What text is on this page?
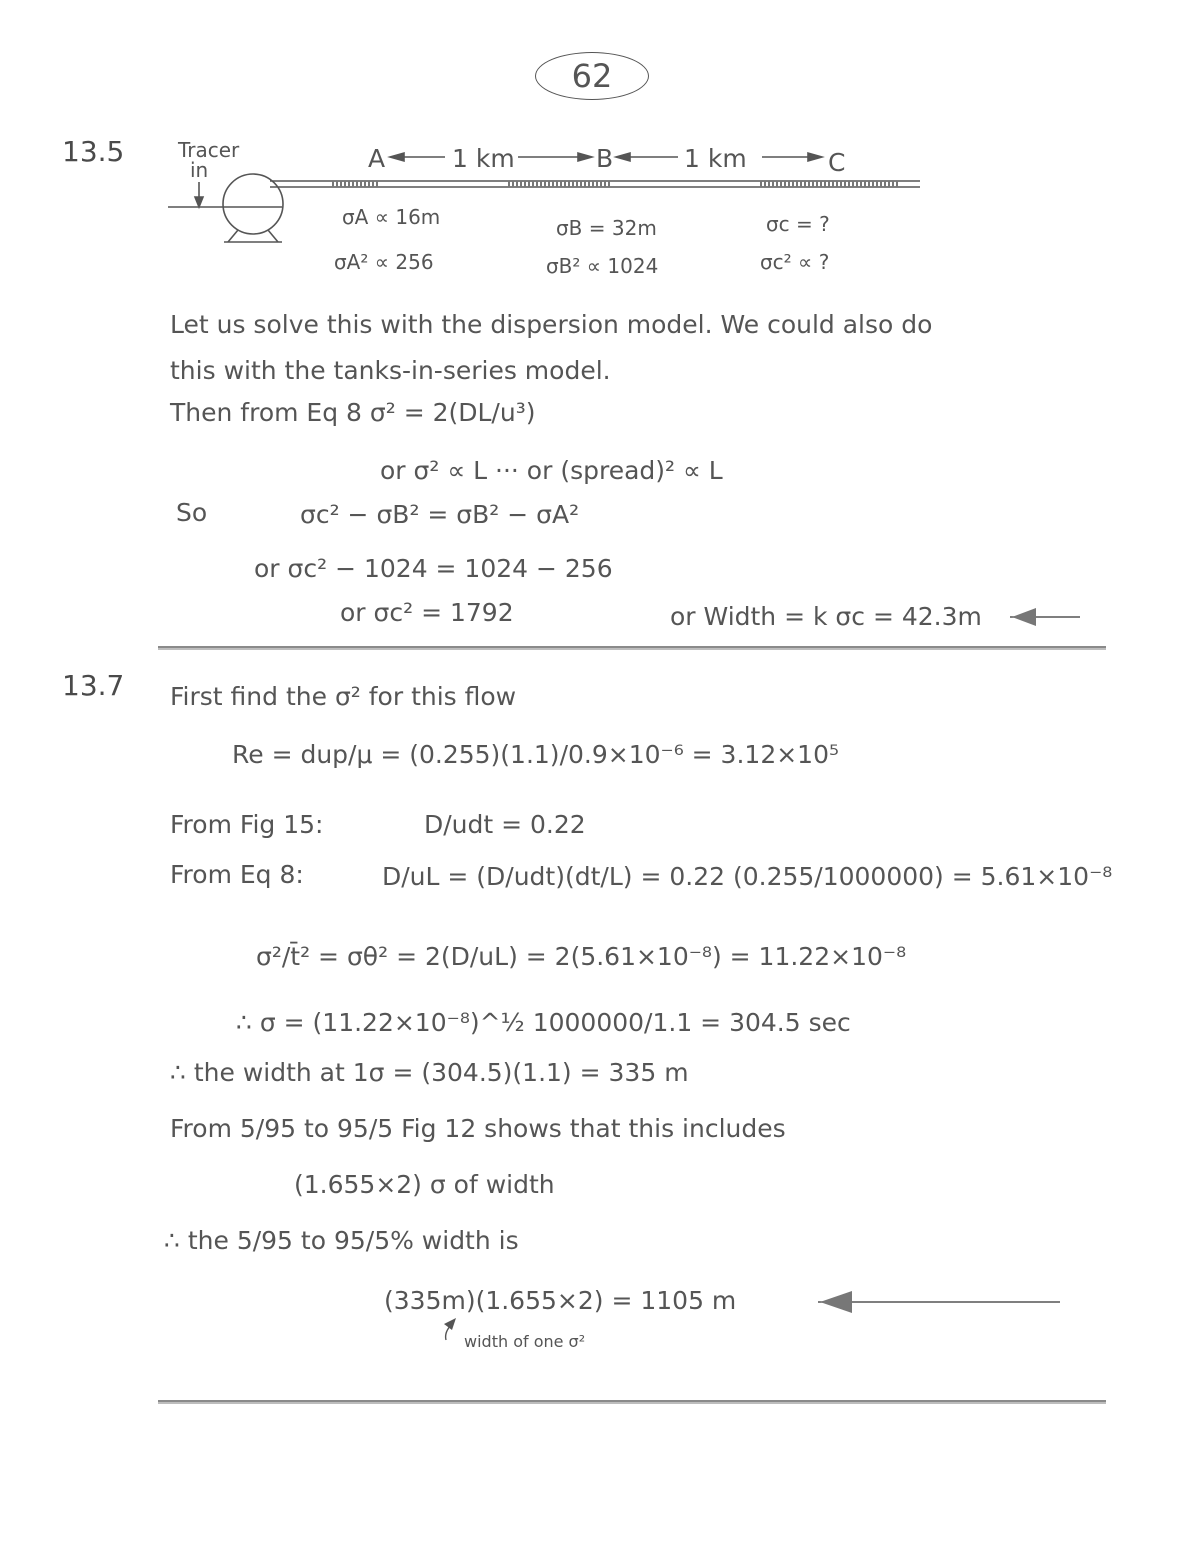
62
13.5	Tracer
in	A	1 km	B	1 km	C
σA ∝ 16m
σA² ∝ 256
σB = 32m
σB² ∝ 1024
σc = ?
σc² ∝ ?
Let us solve this with the dispersion model. We could also do
this with the tanks-in-series model.
Then from Eq 8 σ² = 2(DL/u³)
or σ² ∝ L ··· or (spread)² ∝ L
So	σc² − σB² = σB² − σA²
or σc² − 1024 = 1024 − 256
or σc² = 1792	or Width = k σc = 42.3m
13.7 First find the σ² for this flow
Re = dup/μ = (0.255)(1.1)/0.9×10⁻⁶ = 3.12×10⁵
From Fig 15:	D/udt = 0.22
From Eq 8:	D/uL = (D/udt)(dt/L) = 0.22 (0.255/1000000) = 5.61×10⁻⁸
σ²/t̄² = σθ² = 2(D/uL) = 2(5.61×10⁻⁸) = 11.22×10⁻⁸
∴ σ = (11.22×10⁻⁸)^½ 1000000/1.1 = 304.5 sec
∴ the width at 1σ = (304.5)(1.1) = 335 m
From 5/95 to 95/5 Fig 12 shows that this includes
(1.655×2) σ of width
∴ the 5/95 to 95/5% width is
(335m)(1.655×2) = 1105 m
width of one σ²
